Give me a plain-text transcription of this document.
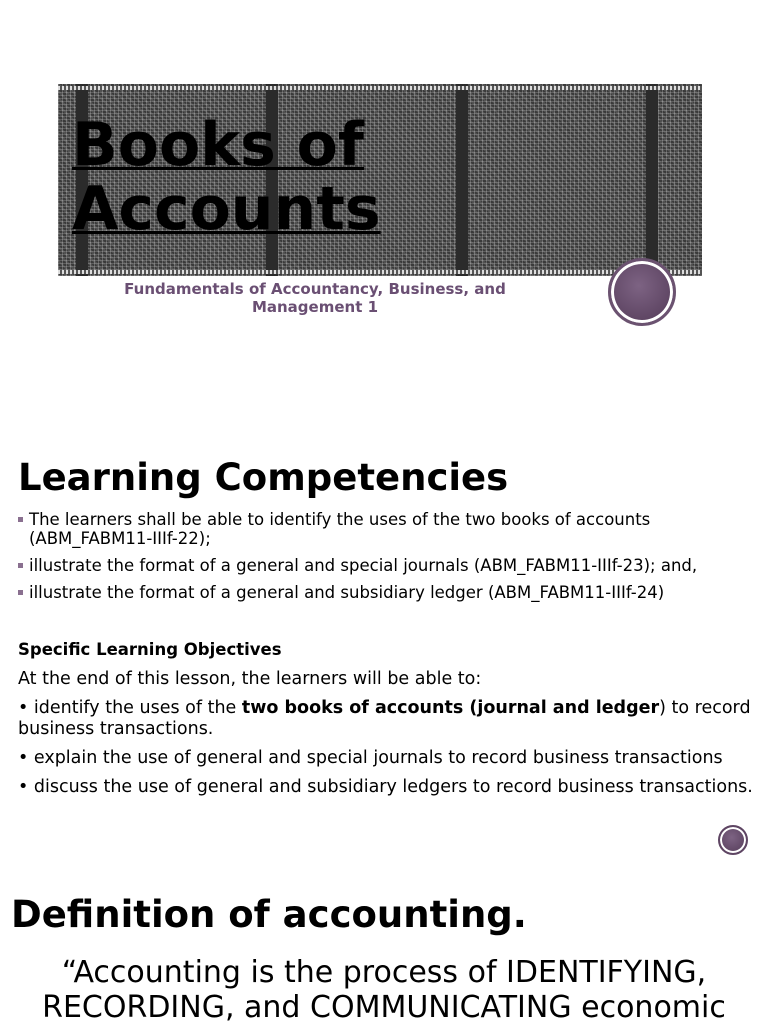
Books of
Accounts

Fundamentals of Accountancy, Business, and Management 1

Learning Competencies
The learners shall be able to identify the uses of the two books of accounts (ABM_FABM11-IIIf-22);
illustrate the format of a general and special journals (ABM_FABM11-IIIf-23); and,
illustrate the format of a general and subsidiary ledger (ABM_FABM11-IIIf-24)

Specific Learning Objectives

At the end of this lesson, the learners will be able to:

• identify the uses of the two books of accounts (journal and ledger) to record business transactions.
• explain the use of general and special journals to record business transactions
• discuss the use of general and subsidiary ledgers to record business transactions.
Definition of accounting.

“Accounting is the process of IDENTIFYING, RECORDING, and COMMUNICATING economic
